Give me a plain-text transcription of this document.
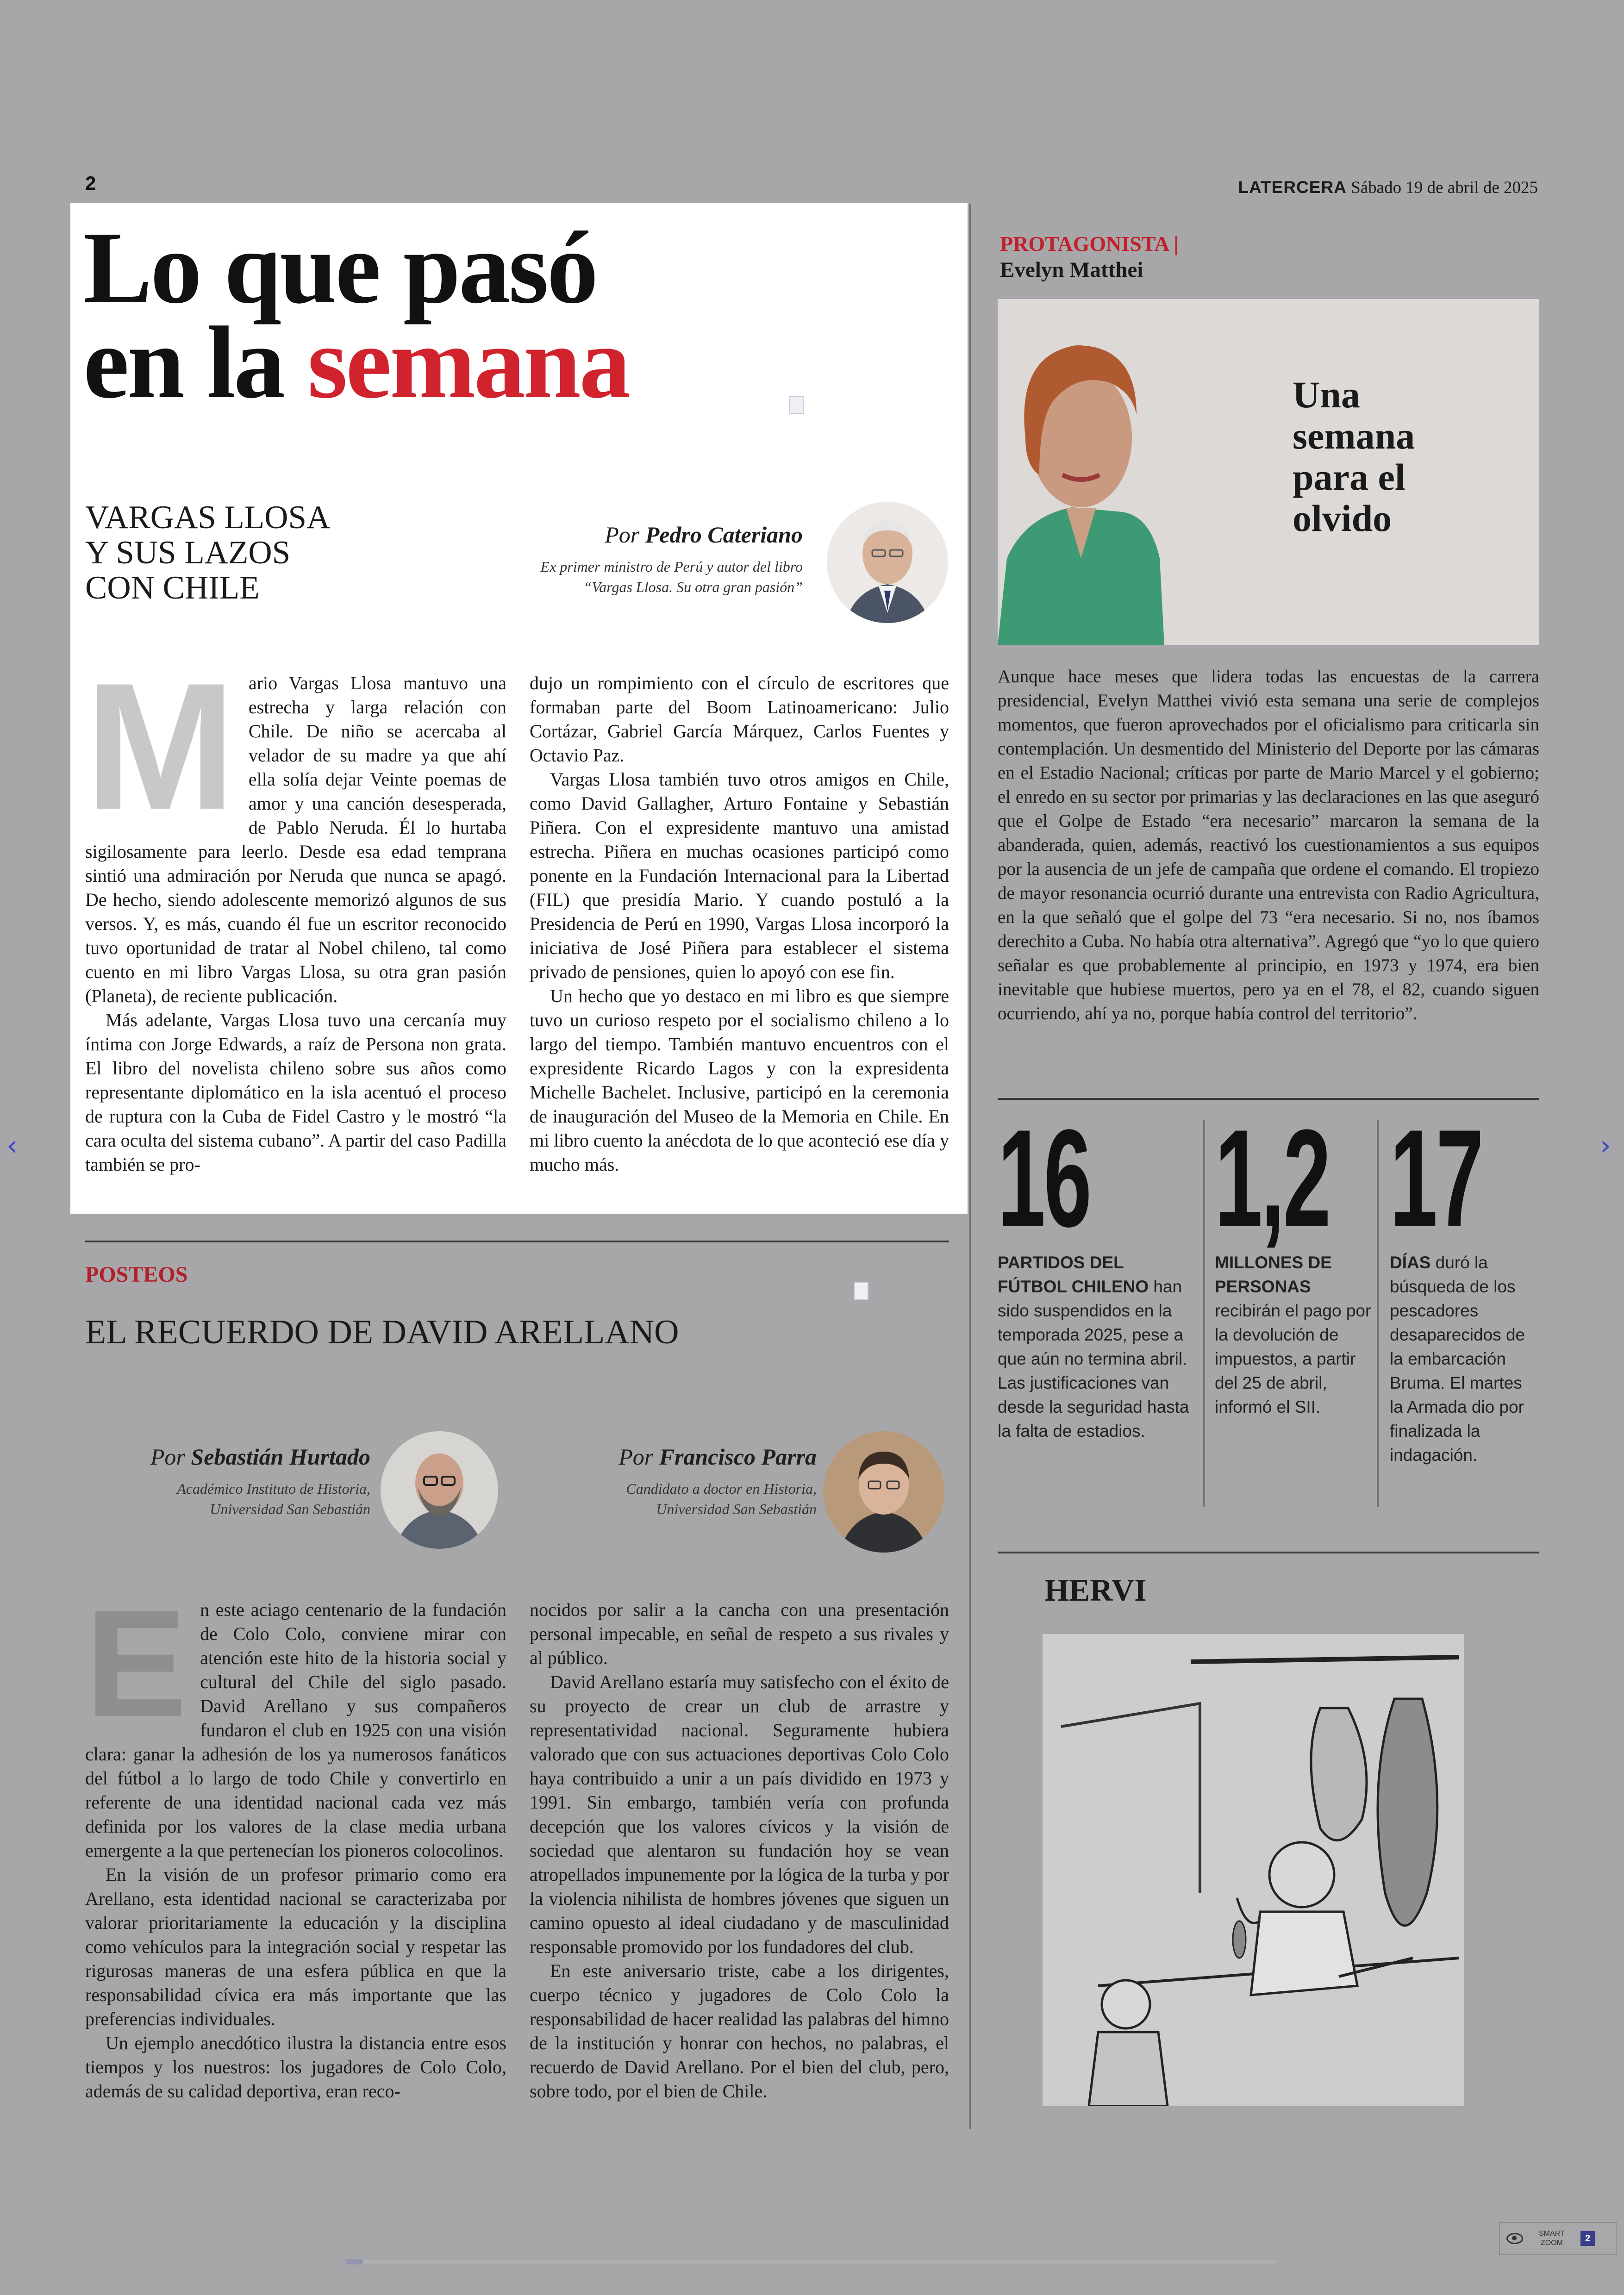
2	LATERCERA Sábado 19 de abril de 2025
Lo que pasó
en la semana
VARGAS LLOSA
Y SUS LAZOS
CON CHILE
Por Pedro Cateriano
Ex primer ministro de Perú y autor del libro
“Vargas Llosa. Su otra gran pasión”

Mario Vargas Llosa mantuvo una estrecha y larga relación con Chile. De niño se acercaba al velador de su madre ya que ahí ella solía dejar Veinte poemas de amor y una canción desesperada, de Pablo Neruda. Él lo hurtaba sigilosamente para leerlo. Desde esa edad temprana sintió una admiración por Neruda que nunca se apagó. De hecho, siendo adolescente memorizó algunos de sus versos. Y, es más, cuando él fue un escritor reconocido tuvo oportunidad de tratar al Nobel chileno, tal como cuento en mi libro Vargas Llosa, su otra gran pasión (Planeta), de reciente publicación.

Más adelante, Vargas Llosa tuvo una cercanía muy íntima con Jorge Edwards, a raíz de Persona non grata. El libro del novelista chileno sobre sus años como representante diplomático en la isla acentuó el proceso de ruptura con la Cuba de Fidel Castro y le mostró “la cara oculta del sistema cubano”. A partir del caso Padilla también se pro-

dujo un rompimiento con el círculo de escritores que formaban parte del Boom Latinoamericano: Julio Cortázar, Gabriel García Márquez, Carlos Fuentes y Octavio Paz.

Vargas Llosa también tuvo otros amigos en Chile, como David Gallagher, Arturo Fontaine y Sebastián Piñera. Con el expresidente mantuvo una amistad estrecha. Piñera en muchas ocasiones participó como ponente en la Fundación Internacional para la Libertad (FIL) que presidía Mario. Y cuando postuló a la Presidencia de Perú en 1990, Vargas Llosa incorporó la iniciativa de José Piñera para establecer el sistema privado de pensiones, quien lo apoyó con ese fin.

Un hecho que yo destaco en mi libro es que siempre tuvo un curioso respeto por el socialismo chileno a lo largo del tiempo. También mantuvo encuentros con el expresidente Ricardo Lagos y con la expresidenta Michelle Bachelet. Inclusive, participó en la ceremonia de inauguración del Museo de la Memoria en Chile. En mi libro cuento la anécdota de lo que aconteció ese día y mucho más.

POSTEOS
EL RECUERDO DE DAVID ARELLANO
Por Sebastián Hurtado
Académico Instituto de Historia,
Universidad San Sebastián
Por Francisco Parra
Candidato a doctor en Historia,
Universidad San Sebastián

En este aciago centenario de la fundación de Colo Colo, conviene mirar con atención este hito de la historia social y cultural del Chile del siglo pasado. David Arellano y sus compañeros fundaron el club en 1925 con una visión clara: ganar la adhesión de los ya numerosos fanáticos del fútbol a lo largo de todo Chile y convertirlo en referente de una identidad nacional cada vez más definida por los valores de la clase media urbana emergente a la que pertenecían los pioneros colocolinos.

En la visión de un profesor primario como era Arellano, esta identidad nacional se caracterizaba por valorar prioritariamente la educación y la disciplina como vehículos para la integración social y respetar las rigurosas maneras de una esfera pública en que la responsabilidad cívica era más importante que las preferencias individuales.

Un ejemplo anecdótico ilustra la distancia entre esos tiempos y los nuestros: los jugadores de Colo Colo, además de su calidad deportiva, eran reco-

nocidos por salir a la cancha con una presentación personal impecable, en señal de respeto a sus rivales y al público.

David Arellano estaría muy satisfecho con el éxito de su proyecto de crear un club de arrastre y representatividad nacional. Seguramente hubiera valorado que con sus actuaciones deportivas Colo Colo haya contribuido a unir a un país dividido en 1973 y 1991. Sin embargo, también vería con profunda decepción que los valores cívicos y la visión de sociedad que alentaron su fundación hoy se vean atropellados impunemente por la lógica de la turba y por la violencia nihilista de hombres jóvenes que siguen un camino opuesto al ideal ciudadano y de masculinidad responsable promovido por los fundadores del club.

En este aniversario triste, cabe a los dirigentes, cuerpo técnico y jugadores de Colo Colo la responsabilidad de hacer realidad las palabras del himno de la institución y honrar con hechos, no palabras, el recuerdo de David Arellano. Por el bien del club, pero, sobre todo, por el bien de Chile.

PROTAGONISTA |
Evelyn Matthei
Una
semana
para el
olvido
Aunque hace meses que lidera todas las encuestas de la carrera presidencial, Evelyn Matthei vivió esta semana una serie de complejos momentos, que fueron aprovechados por el oficialismo para criticarla sin contemplación. Un desmentido del Ministerio del Deporte por las cámaras en el Estadio Nacional; críticas por parte de Mario Marcel y el gobierno; el enredo en su sector por primarias y las declaraciones en las que aseguró que el Golpe de Estado “era necesario” marcaron la semana de la abanderada, quien, además, reactivó los cuestionamientos a sus equipos por la ausencia de un jefe de campaña que ordene el comando. El tropiezo de mayor resonancia ocurrió durante una entrevista con Radio Agricultura, en la que señaló que el golpe del 73 “era necesario. Si no, nos íbamos derechito a Cuba. No había otra alternativa”. Agregó que “yo lo que quiero señalar es que probablemente al principio, en 1973 y 1974, era bien inevitable que hubiese muertos, pero ya en el 78, el 82, cuando siguen ocurriendo, ahí ya no, porque había control del territorio”.
16
PARTIDOS DEL FÚTBOL CHILENO han sido suspendidos en la temporada 2025, pese a que aún no termina abril. Las justificaciones van desde la seguridad hasta la falta de estadios.
1,2
MILLONES DE PERSONAS recibirán el pago por la devolución de impuestos, a partir del 25 de abril, informó el SII.
17
DÍAS duró la búsqueda de los pescadores desaparecidos de la embarcación Bruma. El martes la Armada dio por finalizada la indagación.
HERVI
‹	›
SMART
ZOOM	2
